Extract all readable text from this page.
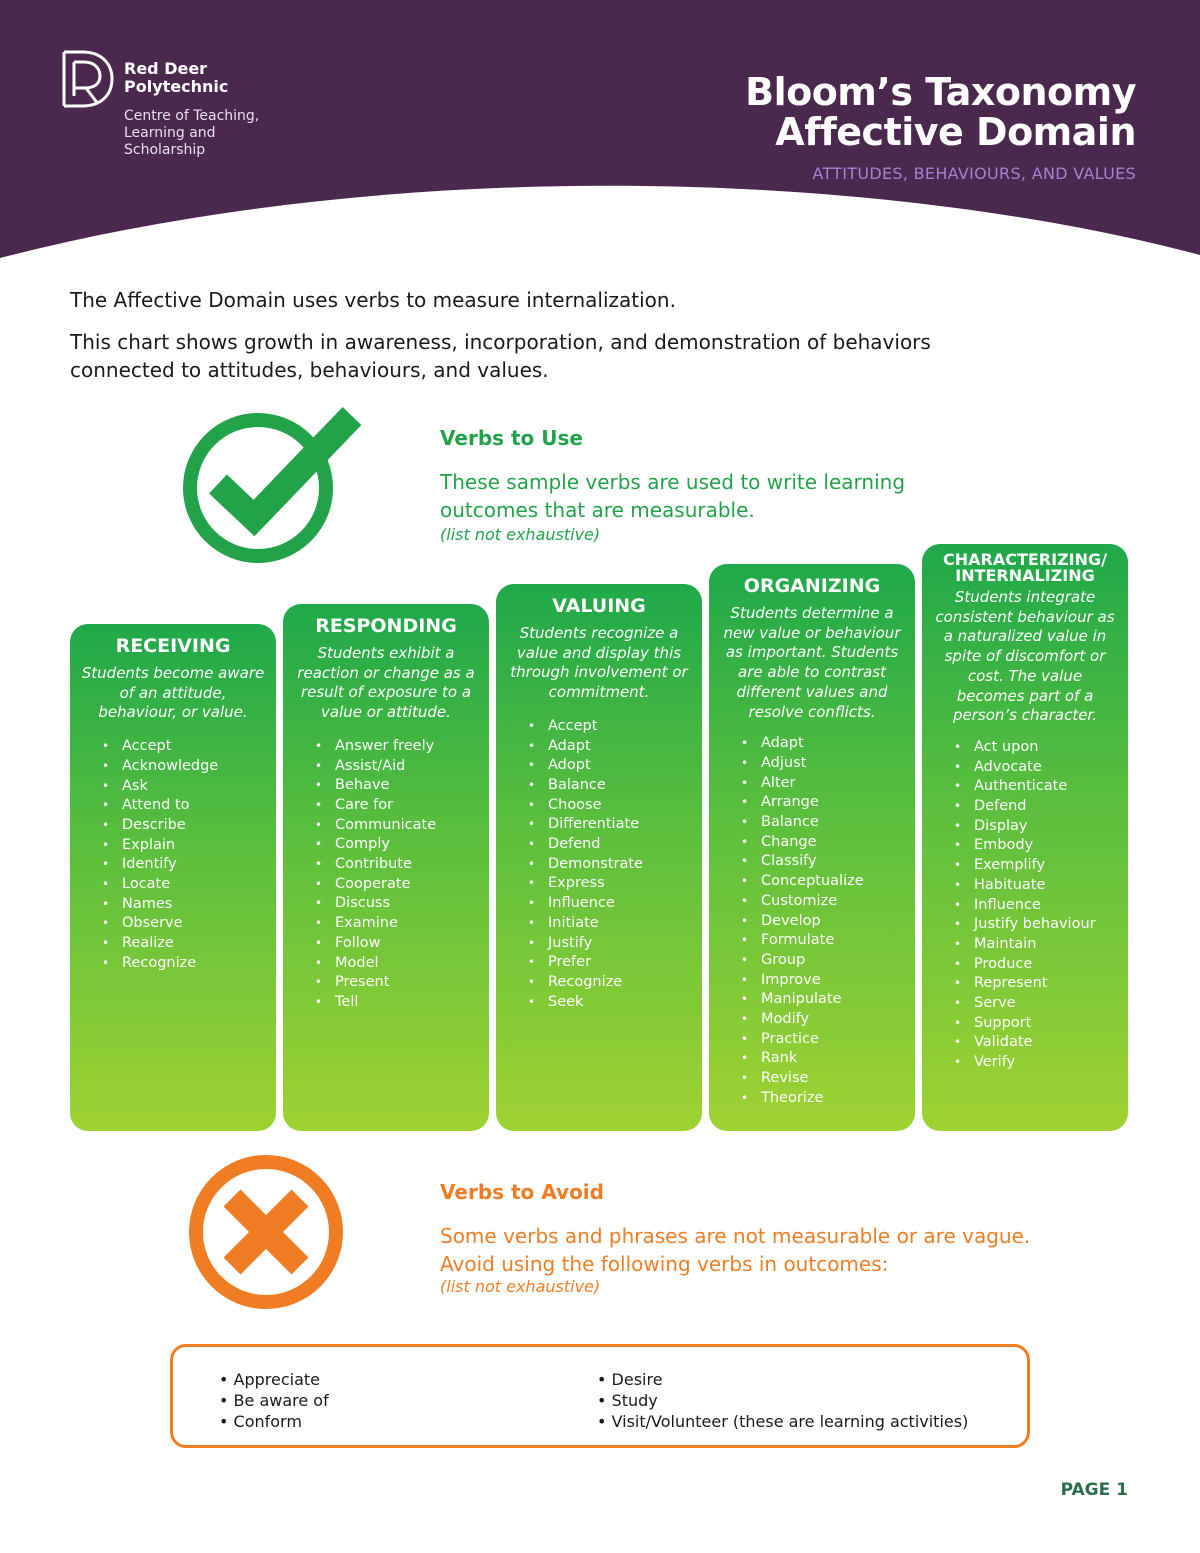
Red Deer
Polytechnic
Centre of Teaching,
Learning and
Scholarship
Bloom’s Taxonomy
Affective Domain
ATTITUDES, BEHAVIOURS, AND VALUES

The Affective Domain uses verbs to measure internalization.

This chart shows growth in awareness, incorporation, and demonstration of behaviors connected to attitudes, behaviours, and values.

Verbs to Use
These sample verbs are used to write learning outcomes that are measurable.
(list not exhaustive)
RECEIVING
Students become aware of an attitude, behaviour, or value.
• Accept
• Acknowledge
• Ask
• Attend to
• Describe
• Explain
• Identify
• Locate
• Names
• Observe
• Realize
• Recognize
RESPONDING
Students exhibit a reaction or change as a result of exposure to a value or attitude.
• Answer freely
• Assist/Aid
• Behave
• Care for
• Communicate
• Comply
• Contribute
• Cooperate
• Discuss
• Examine
• Follow
• Model
• Present
• Tell
VALUING
Students recognize a value and display this through involvement or commitment.
• Accept
• Adapt
• Adopt
• Balance
• Choose
• Differentiate
• Defend
• Demonstrate
• Express
• Influence
• Initiate
• Justify
• Prefer
• Recognize
• Seek
ORGANIZING
Students determine a new value or behaviour as important. Students are able to contrast different values and resolve conflicts.
• Adapt
• Adjust
• Alter
• Arrange
• Balance
• Change
• Classify
• Conceptualize
• Customize
• Develop
• Formulate
• Group
• Improve
• Manipulate
• Modify
• Practice
• Rank
• Revise
• Theorize
CHARACTERIZING/ INTERNALIZING
Students integrate consistent behaviour as a naturalized value in spite of discomfort or cost. The value becomes part of a person’s character.
• Act upon
• Advocate
• Authenticate
• Defend
• Display
• Embody
• Exemplify
• Habituate
• Influence
• Justify behaviour
• Maintain
• Produce
• Represent
• Serve
• Support
• Validate
• Verify
Verbs to Avoid
Some verbs and phrases are not measurable or are vague. Avoid using the following verbs in outcomes:
(list not exhaustive)
• Appreciate
• Be aware of
• Conform
• Desire
• Study
• Visit/Volunteer (these are learning activities)
PAGE 1
